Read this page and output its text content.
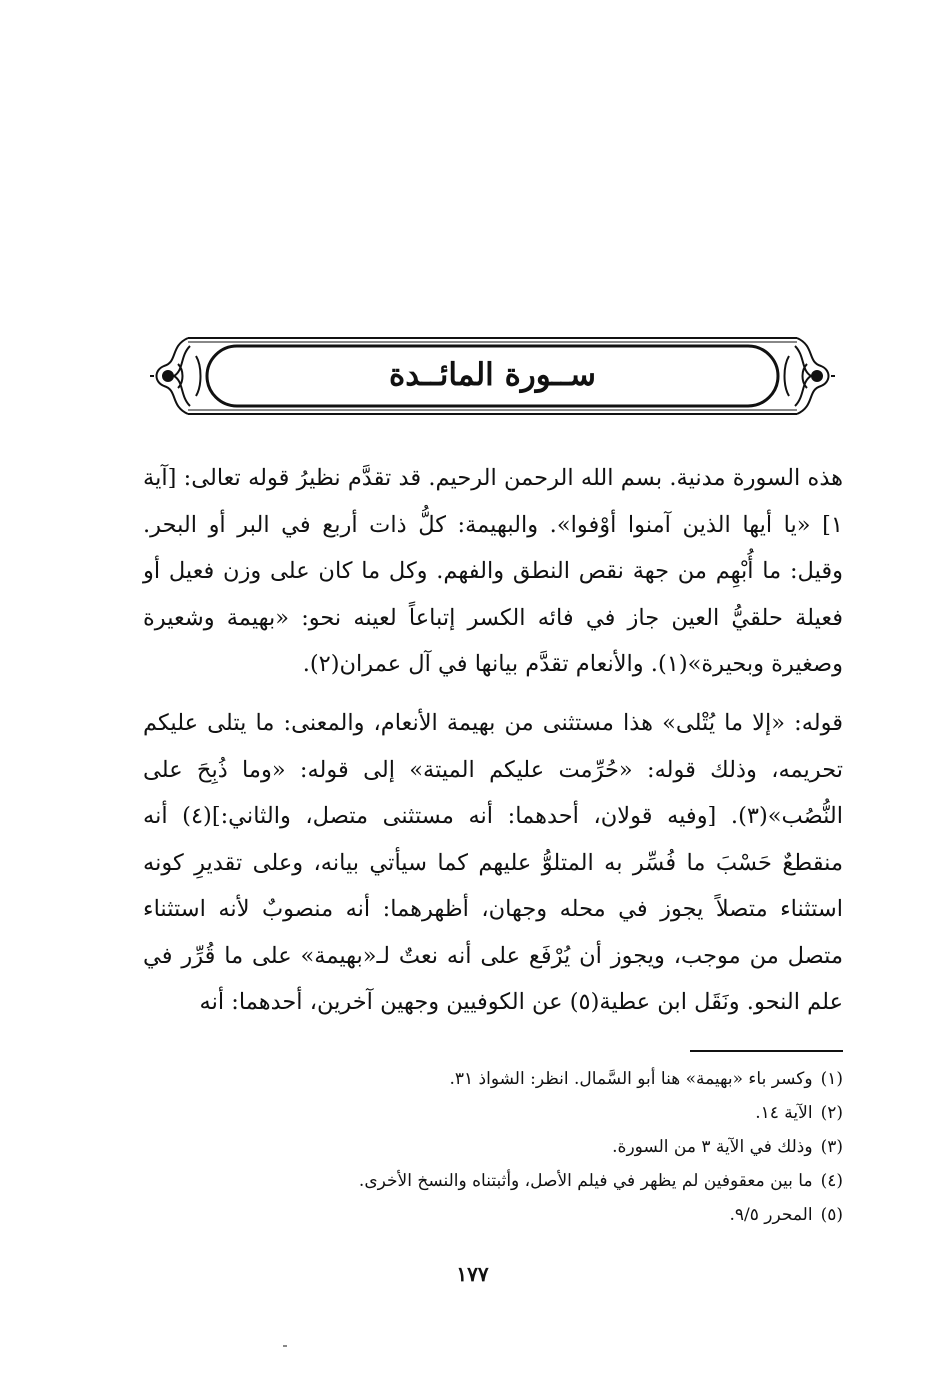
ســورة المائــدة

هذه السورة مدنية. بسم الله الرحمن الرحيم. قد تقدَّم نظيرُ قوله تعالى: [آية ١] «يا أيها الذين آمنوا أوْفوا». والبهيمة: كلُّ ذات أربع في البر أو البحر. وقيل: ما أُبْهِم من جهة نقص النطق والفهم. وكل ما كان على وزن فعيل أو فعيلة حلقيُّ العين جاز في فائه الكسر إتباعاً لعينه نحو: «بهيمة وشعيرة وصغيرة وبحيرة»(١). والأنعام تقدَّم بيانها في آل عمران(٢).

قوله: «إلا ما يُتْلى» هذا مستثنى من بهيمة الأنعام، والمعنى: ما يتلى عليكم تحريمه، وذلك قوله: «حُرِّمت عليكم الميتة» إلى قوله: «وما ذُبِحَ على النُّصُب»(٣). [وفيه قولان، أحدهما: أنه مستثنى متصل، والثاني:](٤) أنه منقطعٌ حَسْبَ ما فُسِّر به المتلوُّ عليهم كما سيأتي بيانه، وعلى تقديرِ كونه استثناء متصلاً يجوز في محله وجهان، أظهرهما: أنه منصوبٌ لأنه استثناء متصل من موجب، ويجوز أن يُرْفَع على أنه نعتٌ لـ«بهيمة» على ما قُرِّر في علم النحو. ونَقَل ابن عطية(٥) عن الكوفيين وجهين آخرين، أحدهما: أنه

(١)وكسر باء «بهيمة» هنا أبو السَّمال. انظر: الشواذ ٣١.
(٢)الآية ١٤.
(٣)وذلك في الآية ٣ من السورة.
(٤)ما بين معقوفين لم يظهر في فيلم الأصل، وأثبتناه والنسخ الأخرى.
(٥)المحرر ٩/٥.
١٧٧
